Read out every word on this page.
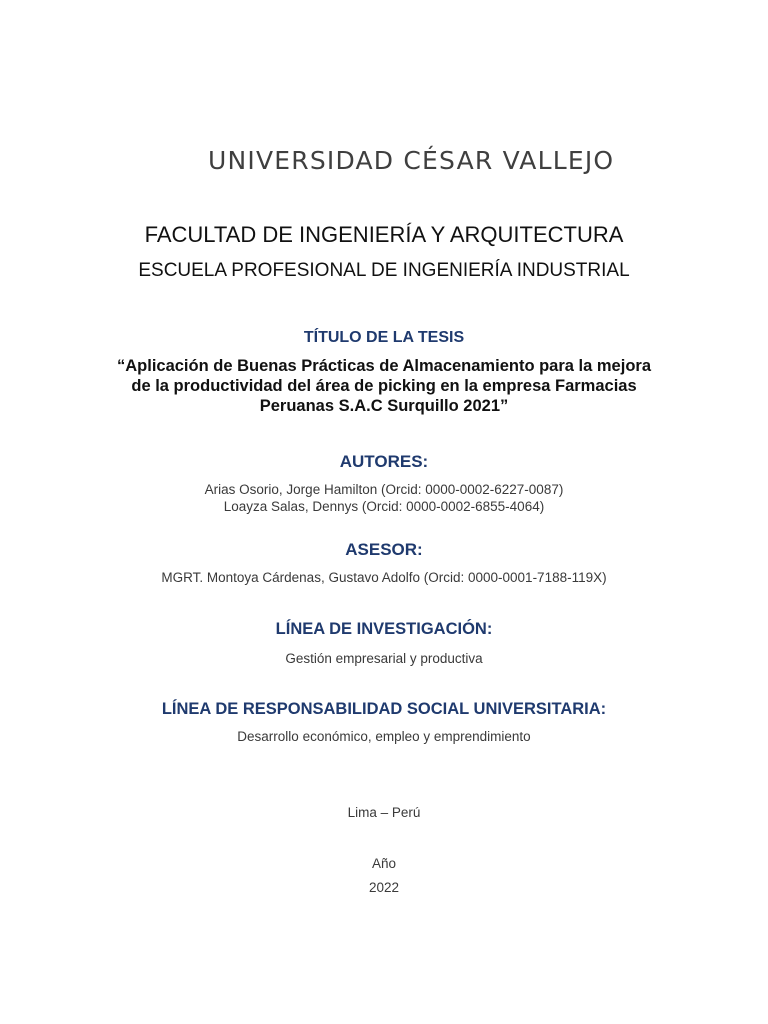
UNIVERSIDAD CÉSAR VALLEJO
FACULTAD DE INGENIERÍA Y ARQUITECTURA
ESCUELA PROFESIONAL DE INGENIERÍA INDUSTRIAL
TÍTULO DE LA TESIS
“Aplicación de Buenas Prácticas de Almacenamiento para la mejora
de la productividad del área de picking en la empresa Farmacias
Peruanas S.A.C Surquillo 2021”
AUTORES:
Arias Osorio, Jorge Hamilton (Orcid: 0000-0002-6227-0087)
Loayza Salas, Dennys (Orcid: 0000-0002-6855-4064)
ASESOR:
MGRT. Montoya Cárdenas, Gustavo Adolfo (Orcid: 0000-0001-7188-119X)
LÍNEA DE INVESTIGACIÓN:
Gestión empresarial y productiva
LÍNEA DE RESPONSABILIDAD SOCIAL UNIVERSITARIA:
Desarrollo económico, empleo y emprendimiento
Lima – Perú
Año
2022
